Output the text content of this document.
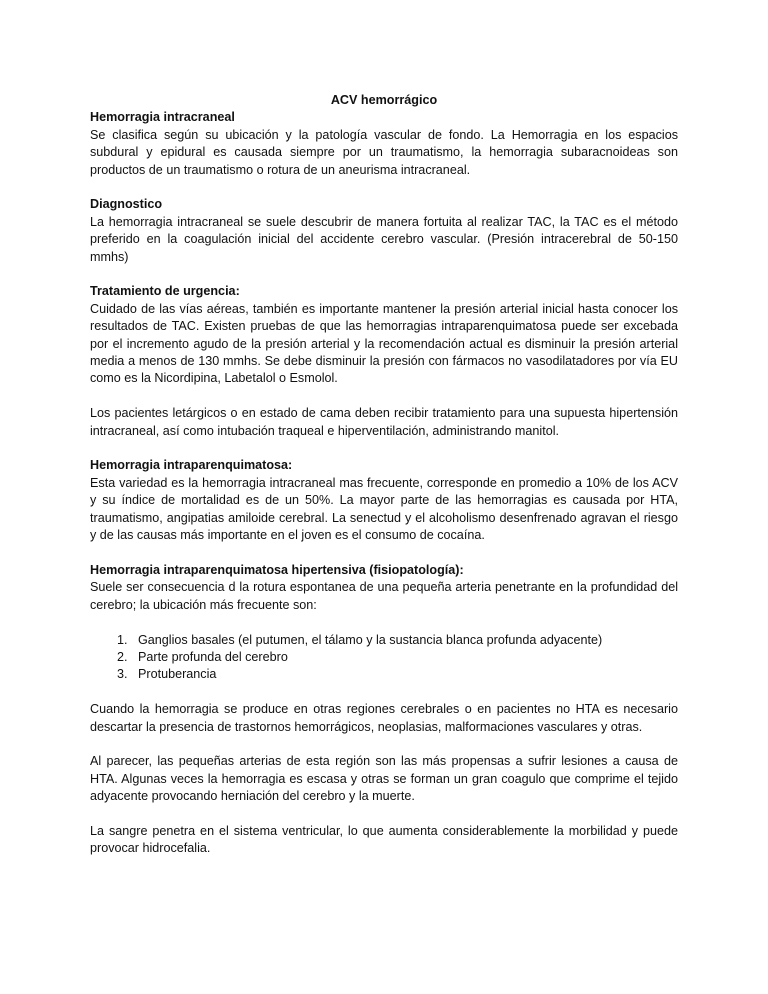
ACV hemorrágico
Hemorragia intracraneal

Se clasifica según su ubicación y la patología vascular de fondo. La Hemorragia en los espacios subdural y epidural es causada siempre por un traumatismo, la hemorragia subaracnoideas son productos de un traumatismo o rotura de un aneurisma intracraneal.

Diagnostico

La hemorragia intracraneal se suele descubrir de manera fortuita al realizar TAC, la TAC es el método preferido en la coagulación inicial del accidente cerebro vascular. (Presión intracerebral de 50-150 mmhs)

Tratamiento de urgencia:

Cuidado de las vías aéreas, también es importante mantener la presión arterial inicial hasta conocer los resultados de TAC. Existen pruebas de que las hemorragias intraparenquimatosa puede ser excebada por el incremento agudo de la presión arterial y la recomendación actual es disminuir la presión arterial media a menos de 130 mmhs. Se debe disminuir la presión con fármacos no vasodilatadores por vía EU como es la Nicordipina, Labetalol o Esmolol.

Los pacientes letárgicos o en estado de cama deben recibir tratamiento para una supuesta hipertensión intracraneal, así como intubación traqueal e hiperventilación, administrando manitol.

Hemorragia intraparenquimatosa:

Esta variedad es la hemorragia intracraneal mas frecuente, corresponde en promedio a 10% de los ACV y su índice de mortalidad es de un 50%. La mayor parte de las hemorragias es causada por HTA, traumatismo, angipatias amiloide cerebral. La senectud y el alcoholismo desenfrenado agravan el riesgo y de las causas más importante en el joven es el consumo de cocaína.

Hemorragia intraparenquimatosa hipertensiva (fisiopatología):

Suele ser consecuencia d la rotura espontanea de una pequeña arteria penetrante en la profundidad del cerebro; la ubicación más frecuente son:

1. Ganglios basales (el putumen, el tálamo y la sustancia blanca profunda adyacente)
2. Parte profunda del cerebro
3. Protuberancia

Cuando la hemorragia se produce en otras regiones cerebrales o en pacientes no HTA es necesario descartar la presencia de trastornos hemorrágicos, neoplasias, malformaciones vasculares y otras.

Al parecer, las pequeñas arterias de esta región son las más propensas a sufrir lesiones a causa de HTA. Algunas veces la hemorragia es escasa y otras se forman un gran coagulo que comprime el tejido adyacente provocando herniación del cerebro y la muerte.

La sangre penetra en el sistema ventricular, lo que aumenta considerablemente la morbilidad y puede provocar hidrocefalia.
